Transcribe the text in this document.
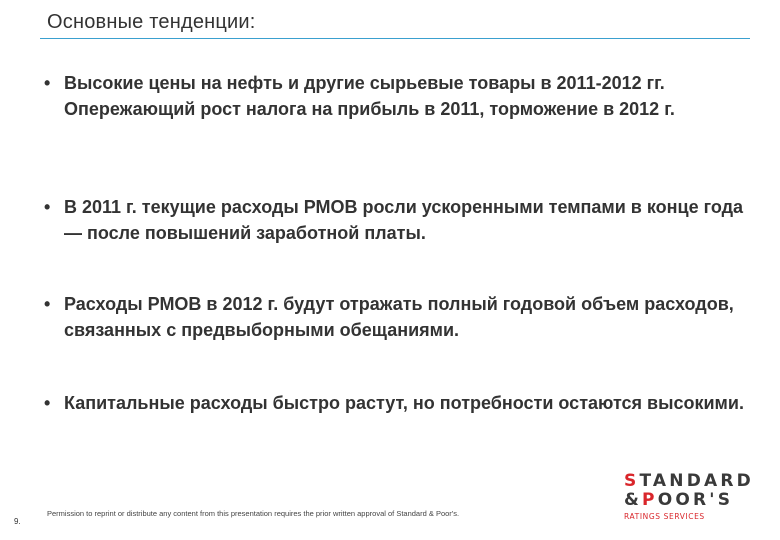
Основные тенденции:
• Высокие цены на нефть и другие сырьевые товары в 2011-2012 гг. Опережающий рост налога на прибыль в 2011, торможение в 2012 г.
• В 2011 г. текущие расходы РМОВ росли ускоренными темпами в конце года — после повышений заработной платы.
• Расходы РМОВ в 2012 г. будут отражать полный годовой объем расходов, связанных с предвыборными обещаниями.
• Капитальные расходы быстро растут, но потребности остаются высокими.
9.
Permission to reprint or distribute any content from this presentation requires the prior written approval of Standard & Poor's.
STANDARD
&POOR'S
RATINGS SERVICES
